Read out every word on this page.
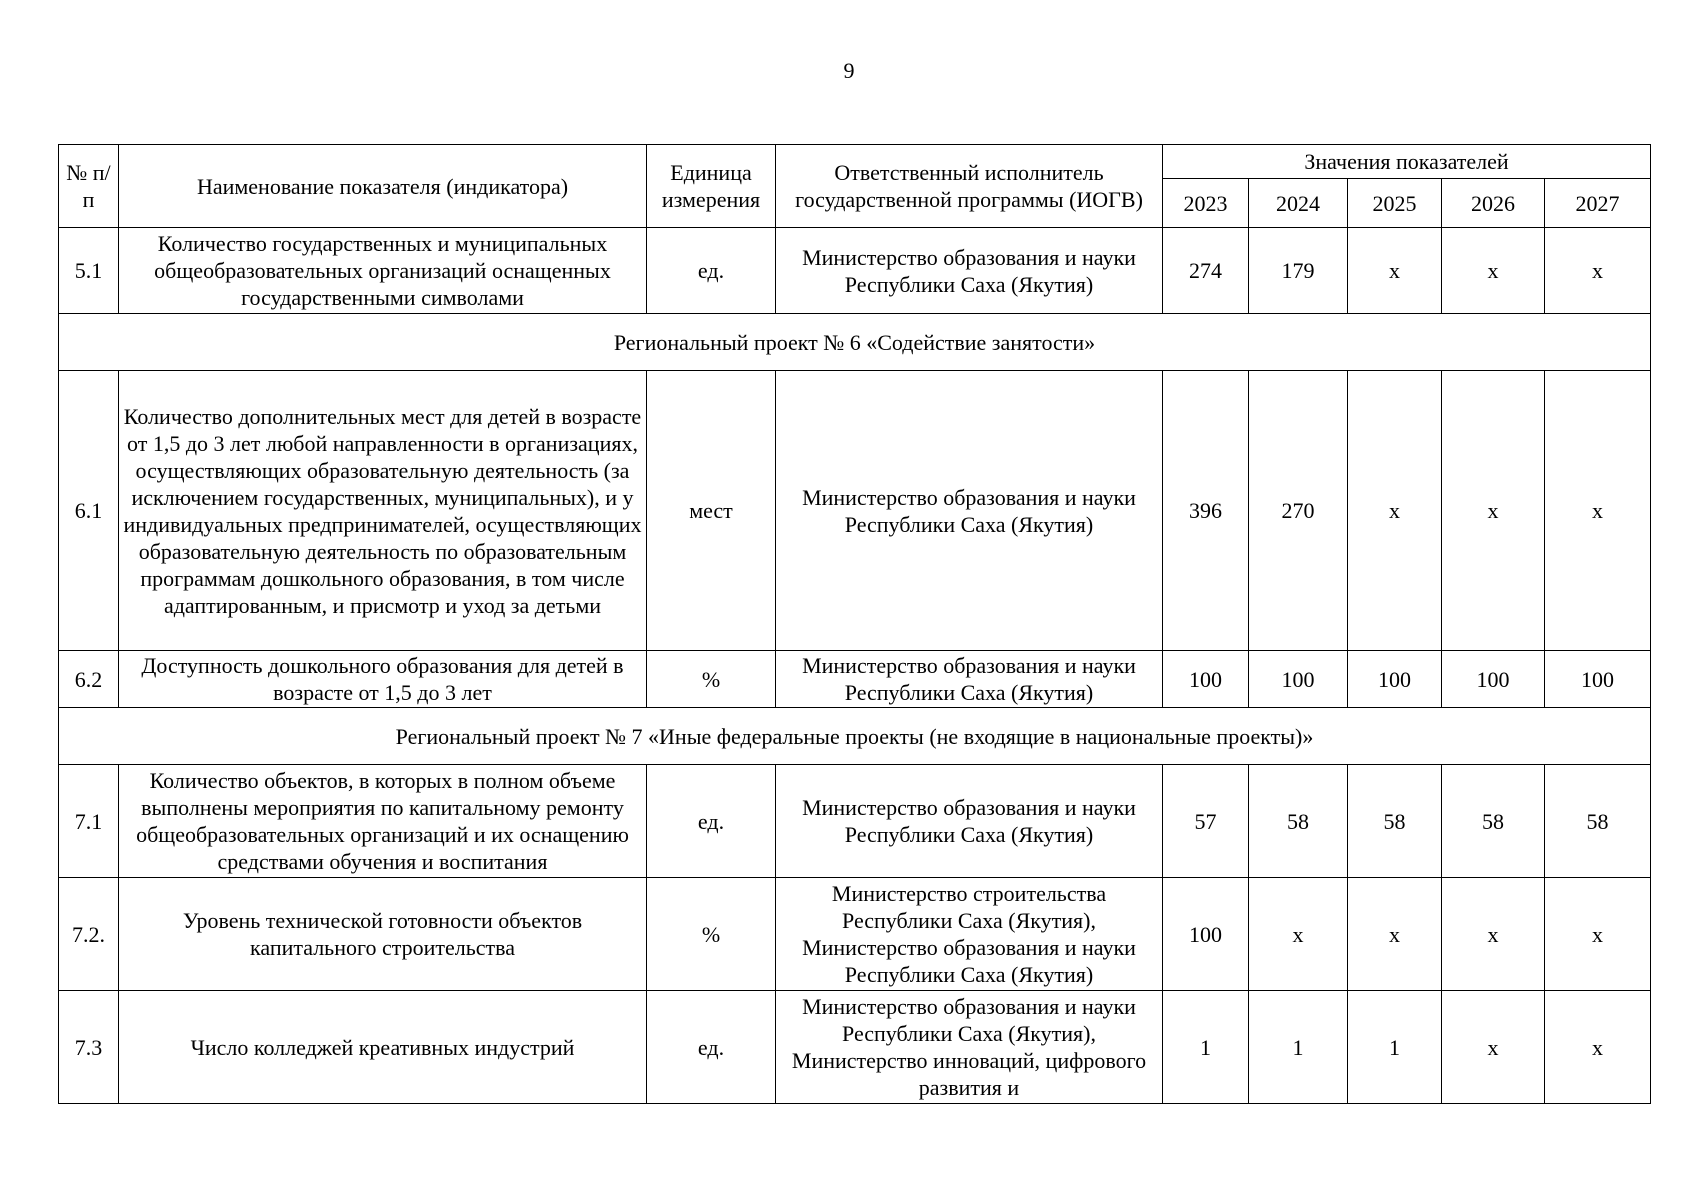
9
№ п/п	Наименование показателя (индикатора)	Единица измерения	Ответственный исполнитель государственной программы (ИОГВ)	Значения показателей				
				2023	2024	2025	2026	2027
5.1	Количество государственных и муниципальных общеобразовательных организаций оснащенных государственными символами	ед.	Министерство образования и науки Республики Саха (Якутия)	274	179	х	х	х
Региональный проект № 6 «Содействие занятости»								
6.1	Количество дополнительных мест для детей в возрасте от 1,5 до 3 лет любой направленности в организациях, осуществляющих образовательную деятельность (за исключением государственных, муниципальных), и у индивидуальных предпринимателей, осуществляющих образовательную деятельность по образовательным программам дошкольного образования, в том числе адаптированным, и присмотр и уход за детьми	мест	Министерство образования и науки Республики Саха (Якутия)	396	270	х	х	х
6.2	Доступность дошкольного образования для детей в возрасте от 1,5 до 3 лет	%	Министерство образования и науки Республики Саха (Якутия)	100	100	100	100	100
Региональный проект № 7 «Иные федеральные проекты (не входящие в национальные проекты)»								
7.1	Количество объектов, в которых в полном объеме выполнены мероприятия по капитальному ремонту общеобразовательных организаций и их оснащению средствами обучения и воспитания	ед.	Министерство образования и науки Республики Саха (Якутия)	57	58	58	58	58
7.2.	Уровень технической готовности объектов капитального строительства	%	Министерство строительства Республики Саха (Якутия), Министерство образования и науки Республики Саха (Якутия)	100	х	х	х	х
7.3	Число колледжей креативных индустрий	ед.	Министерство образования и науки Республики Саха (Якутия), Министерство инноваций, цифрового развития и	1	1	1	х	х
